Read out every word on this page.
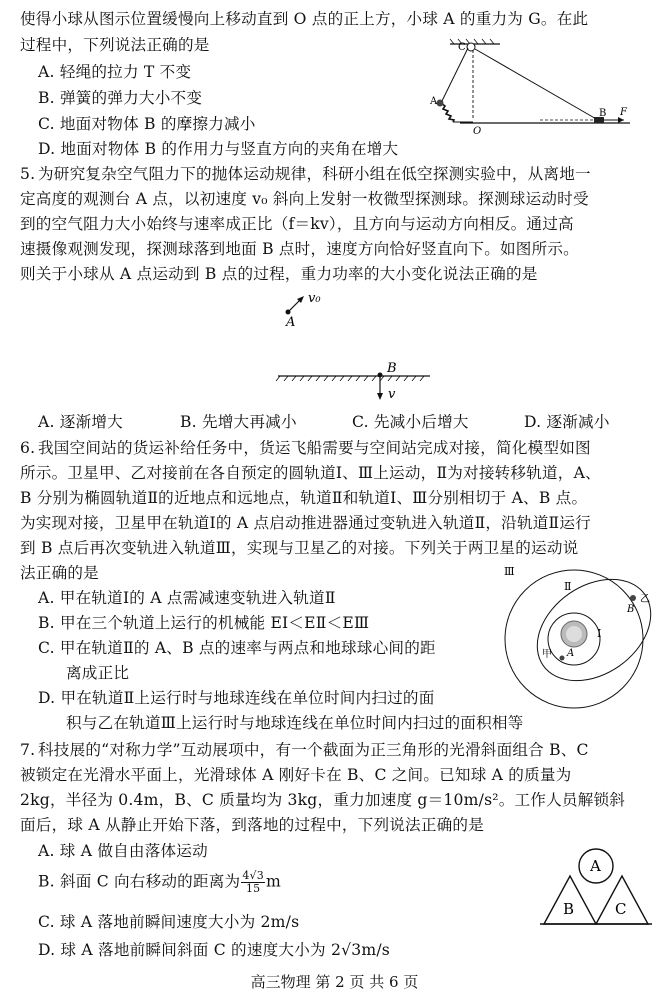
使得小球从图示位置缓慢向上移动直到 O 点的正上方，小球 A 的重力为 G。在此
过程中，下列说法正确的是
A. 轻绳的拉力 T 不变
B. 弹簧的弹力大小不变
C. 地面对物体 B 的摩擦力减小
D. 地面对物体 B 的作用力与竖直方向的夹角在增大
C
A
O
B F
5. 为研究复杂空气阻力下的抛体运动规律，科研小组在低空探测实验中，从离地一
定高度的观测台 A 点，以初速度 v₀ 斜向上发射一枚微型探测球。探测球运动时受
到的空气阻力大小始终与速率成正比（f＝kv），且方向与运动方向相反。通过高
速摄像观测发现，探测球落到地面 B 点时，速度方向恰好竖直向下。如图所示。
则关于小球从 A 点运动到 B 点的过程，重力功率的大小变化说法正确的是
v₀
A
B
v
A. 逐渐增大	B. 先增大再减小	C. 先减小后增大	D. 逐渐减小
6. 我国空间站的货运补给任务中，货运飞船需要与空间站完成对接，简化模型如图
所示。卫星甲、乙对接前在各自预定的圆轨道Ⅰ、Ⅲ上运动，Ⅱ为对接转移轨道，A、
B 分别为椭圆轨道Ⅱ的近地点和远地点，轨道Ⅱ和轨道Ⅰ、Ⅲ分别相切于 A、B 点。
为实现对接，卫星甲在轨道Ⅰ的 A 点启动推进器通过变轨进入轨道Ⅱ，沿轨道Ⅱ运行
到 B 点后再次变轨进入轨道Ⅲ，实现与卫星乙的对接。下列关于两卫星的运动说
法正确的是
A. 甲在轨道Ⅰ的 A 点需减速变轨进入轨道Ⅱ
B. 甲在三个轨道上运行的机械能 EⅠ＜EⅡ＜EⅢ
C. 甲在轨道Ⅱ的 A、B 点的速率与两点和地球球心间的距
离成正比
D. 甲在轨道Ⅱ上运行时与地球连线在单位时间内扫过的面
积与乙在轨道Ⅲ上运行时与地球连线在单位时间内扫过的面积相等
Ⅲ
Ⅱ
Ⅰ
B
A
甲
乙
7. 科技展的“对称力学”互动展项中，有一个截面为正三角形的光滑斜面组合 B、C
被锁定在光滑水平面上，光滑球体 A 刚好卡在 B、C 之间。已知球 A 的质量为
2kg，半径为 0.4m，B、C 质量均为 3kg，重力加速度 g＝10m/s²。工作人员解锁斜
面后，球 A 从静止开始下落，到落地的过程中，下列说法正确的是
A. 球 A 做自由落体运动
B. 斜面 C 向右移动的距离为 $\frac{4√3}{15}$ m
C. 球 A 落地前瞬间速度大小为 2m/s
D. 球 A 落地前瞬间斜面 C 的速度大小为 2√3m/s
A
B	C
高三物理 第 2 页 共 6 页
